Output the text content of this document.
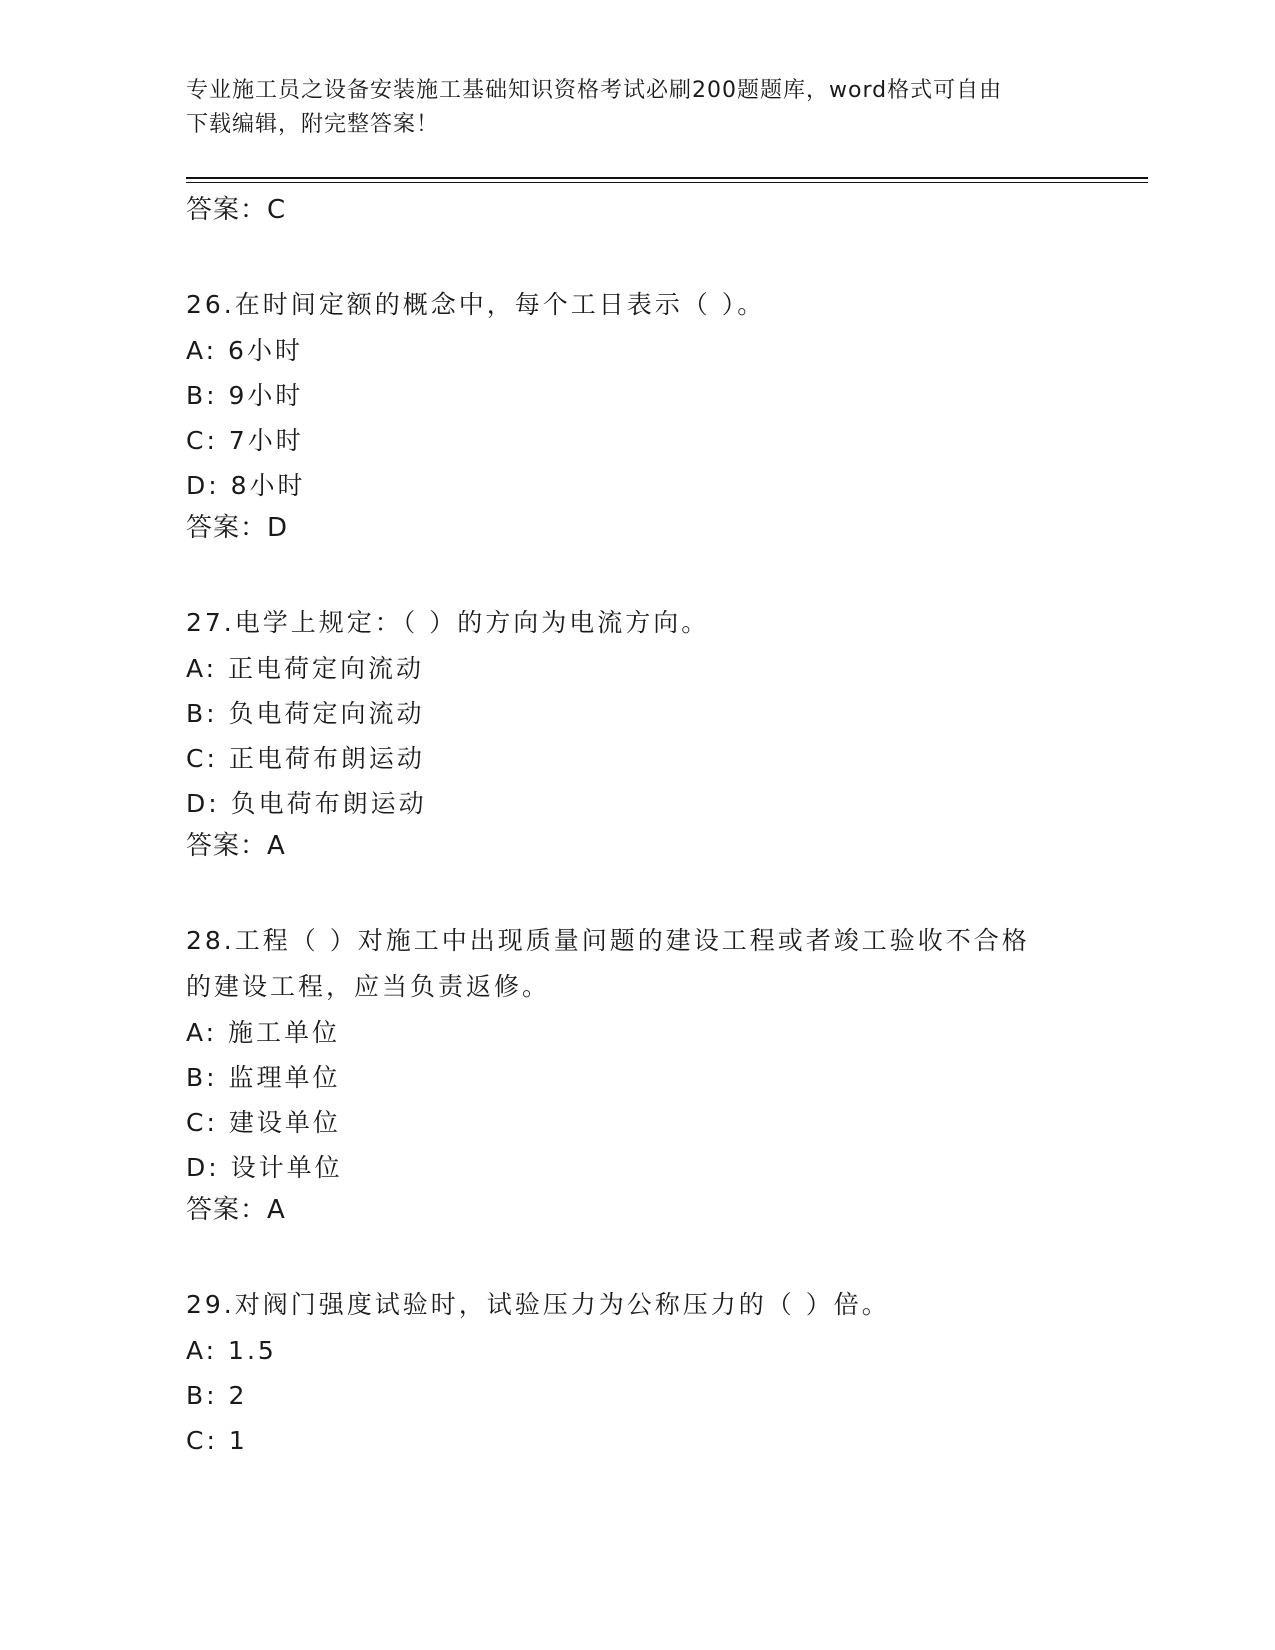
专业施工员之设备安装施工基础知识资格考试必刷200题题库，word格式可自由
下载编辑，附完整答案！
答案：C
26.在时间定额的概念中，每个工日表示（ ）。
A: 6小时
B: 9小时
C: 7小时
D: 8小时
答案：D
27.电学上规定：（ ）的方向为电流方向。
A: 正电荷定向流动
B: 负电荷定向流动
C: 正电荷布朗运动
D: 负电荷布朗运动
答案：A
28.工程（ ）对施工中出现质量问题的建设工程或者竣工验收不合格
的建设工程，应当负责返修。
A: 施工单位
B: 监理单位
C: 建设单位
D: 设计单位
答案：A
29.对阀门强度试验时，试验压力为公称压力的（ ）倍。
A: 1.5
B: 2
C: 1
